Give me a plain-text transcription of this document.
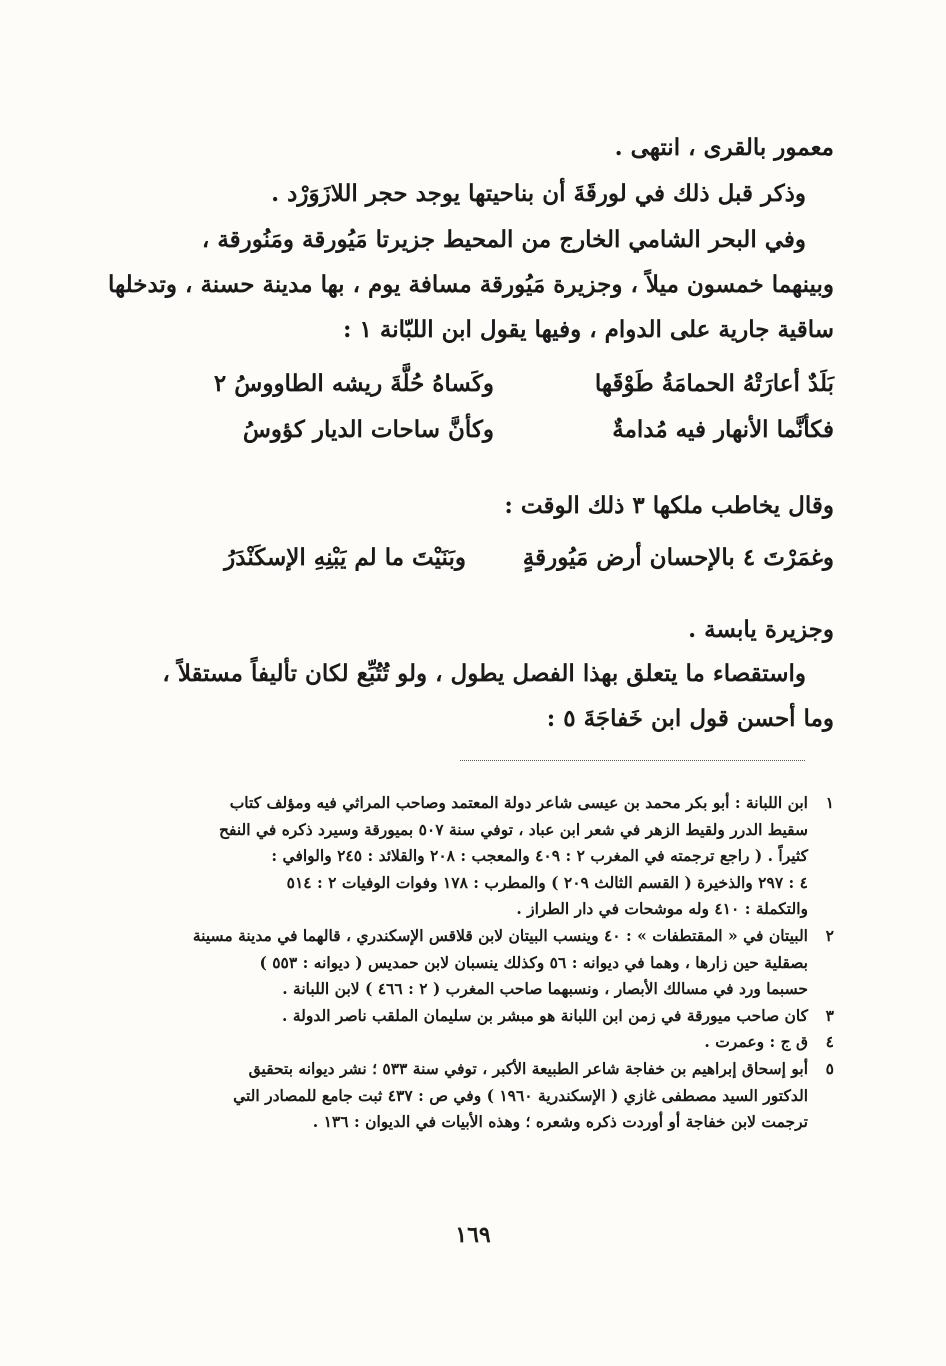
معمور بالقرى ، انتهى .
وذكر قبل ذلك في لورقَةَ أن بناحيتها يوجد حجر اللازَوَرْد .
وفي البحر الشامي الخارج من المحيط جزيرتا مَيُورقة ومَنُورقة ،
وبينهما خمسون ميلاً ، وجزيرة مَيُورقة مسافة يوم ، بها مدينة حسنة ، وتدخلها
ساقية جارية على الدوام ، وفيها يقول ابن اللبّانة ١ :
بَلَدٌ أعارَتْهُ الحمامَةُ طَوْقَها
وكَساهُ حُلَّةَ ريشه الطاووسُ ٢
فكأنَّما الأنهار فيه مُدامةٌ
وكأنَّ ساحات الديار كؤوسُ
وقال يخاطب ملكها ٣ ذلك الوقت :
وغمَرْتَ ٤ بالإحسان أرض مَيُورقةٍ
وبَنَيْتَ ما لم يَبْنِهِ الإسكَنْدَرُ
وجزيرة يابسة .
واستقصاء ما يتعلق بهذا الفصل يطول ، ولو تُتُبِّع لكان تأليفاً مستقلاً ،
وما أحسن قول ابن خَفاجَةَ ٥ :
١
ابن اللبانة : أبو بكر محمد بن عيسى شاعر دولة المعتمد وصاحب المراثي فيه ومؤلف كتاب
سقيط الدرر ولقيط الزهر في شعر ابن عباد ، توفي سنة ٥٠٧ بميورقة وسيرد ذكره في النفح
كثيراً . ( راجع ترجمته في المغرب ٢ : ٤٠٩ والمعجب : ٢٠٨ والقلائد : ٢٤٥ والوافي :
٤ : ٢٩٧ والذخيرة ( القسم الثالث ٢٠٩ ) والمطرب : ١٧٨ وفوات الوفيات ٢ : ٥١٤
والتكملة : ٤١٠ وله موشحات في دار الطراز .
٢
البيتان في « المقتطفات » : ٤٠ وينسب البيتان لابن قلاقس الإسكندري ، قالهما في مدينة مسينة
بصقلية حين زارها ، وهما في ديوانه : ٥٦ وكذلك ينسبان لابن حمديس ( ديوانه : ٥٥٣ )
حسبما ورد في مسالك الأبصار ، ونسبهما صاحب المغرب ( ٢ : ٤٦٦ ) لابن اللبانة .
٣
كان صاحب ميورقة في زمن ابن اللبانة هو مبشر بن سليمان الملقب ناصر الدولة .
٤
ق ج : وعمرت .
٥
أبو إسحاق إبراهيم بن خفاجة شاعر الطبيعة الأكبر ، توفي سنة ٥٣٣ ؛ نشر ديوانه بتحقيق
الدكتور السيد مصطفى غازي ( الإسكندرية ١٩٦٠ ) وفي ص : ٤٣٧ ثبت جامع للمصادر التي
ترجمت لابن خفاجة أو أوردت ذكره وشعره ؛ وهذه الأبيات في الديوان : ١٣٦ .
١٦٩
